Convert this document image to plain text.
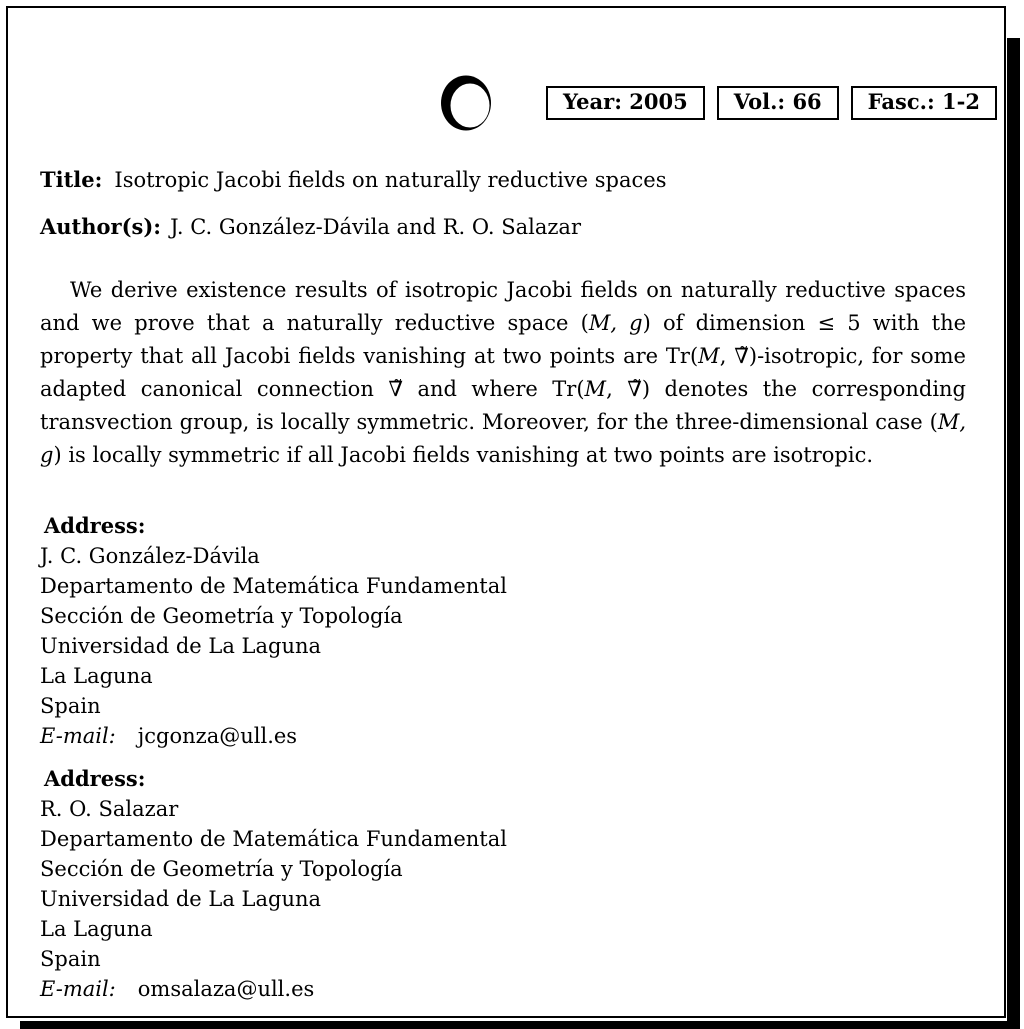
Year: 2005	Vol.: 66	Fasc.: 1-2

Title: Isotropic Jacobi fields on naturally reductive spaces

Author(s): J. C. González-Dávila and R. O. Salazar

We derive existence results of isotropic Jacobi fields on naturally reductive spaces and we prove that a naturally reductive space (M, g) of dimension ≤ 5 with the property that all Jacobi fields vanishing at two points are Tr(M, ∇̃)-isotropic, for some adapted canonical connection ∇̃ and where Tr(M, ∇̃) denotes the corresponding transvection group, is locally symmetric. Moreover, for the three-dimensional case (M, g) is locally symmetric if all Jacobi fields vanishing at two points are isotropic.

Address:

J. C. González-Dávila

Departamento de Matemática Fundamental

Sección de Geometría y Topología

Universidad de La Laguna

La Laguna

Spain

E-mail: jcgonza@ull.es

Address:

R. O. Salazar

Departamento de Matemática Fundamental

Sección de Geometría y Topología

Universidad de La Laguna

La Laguna

Spain

E-mail: omsalaza@ull.es
